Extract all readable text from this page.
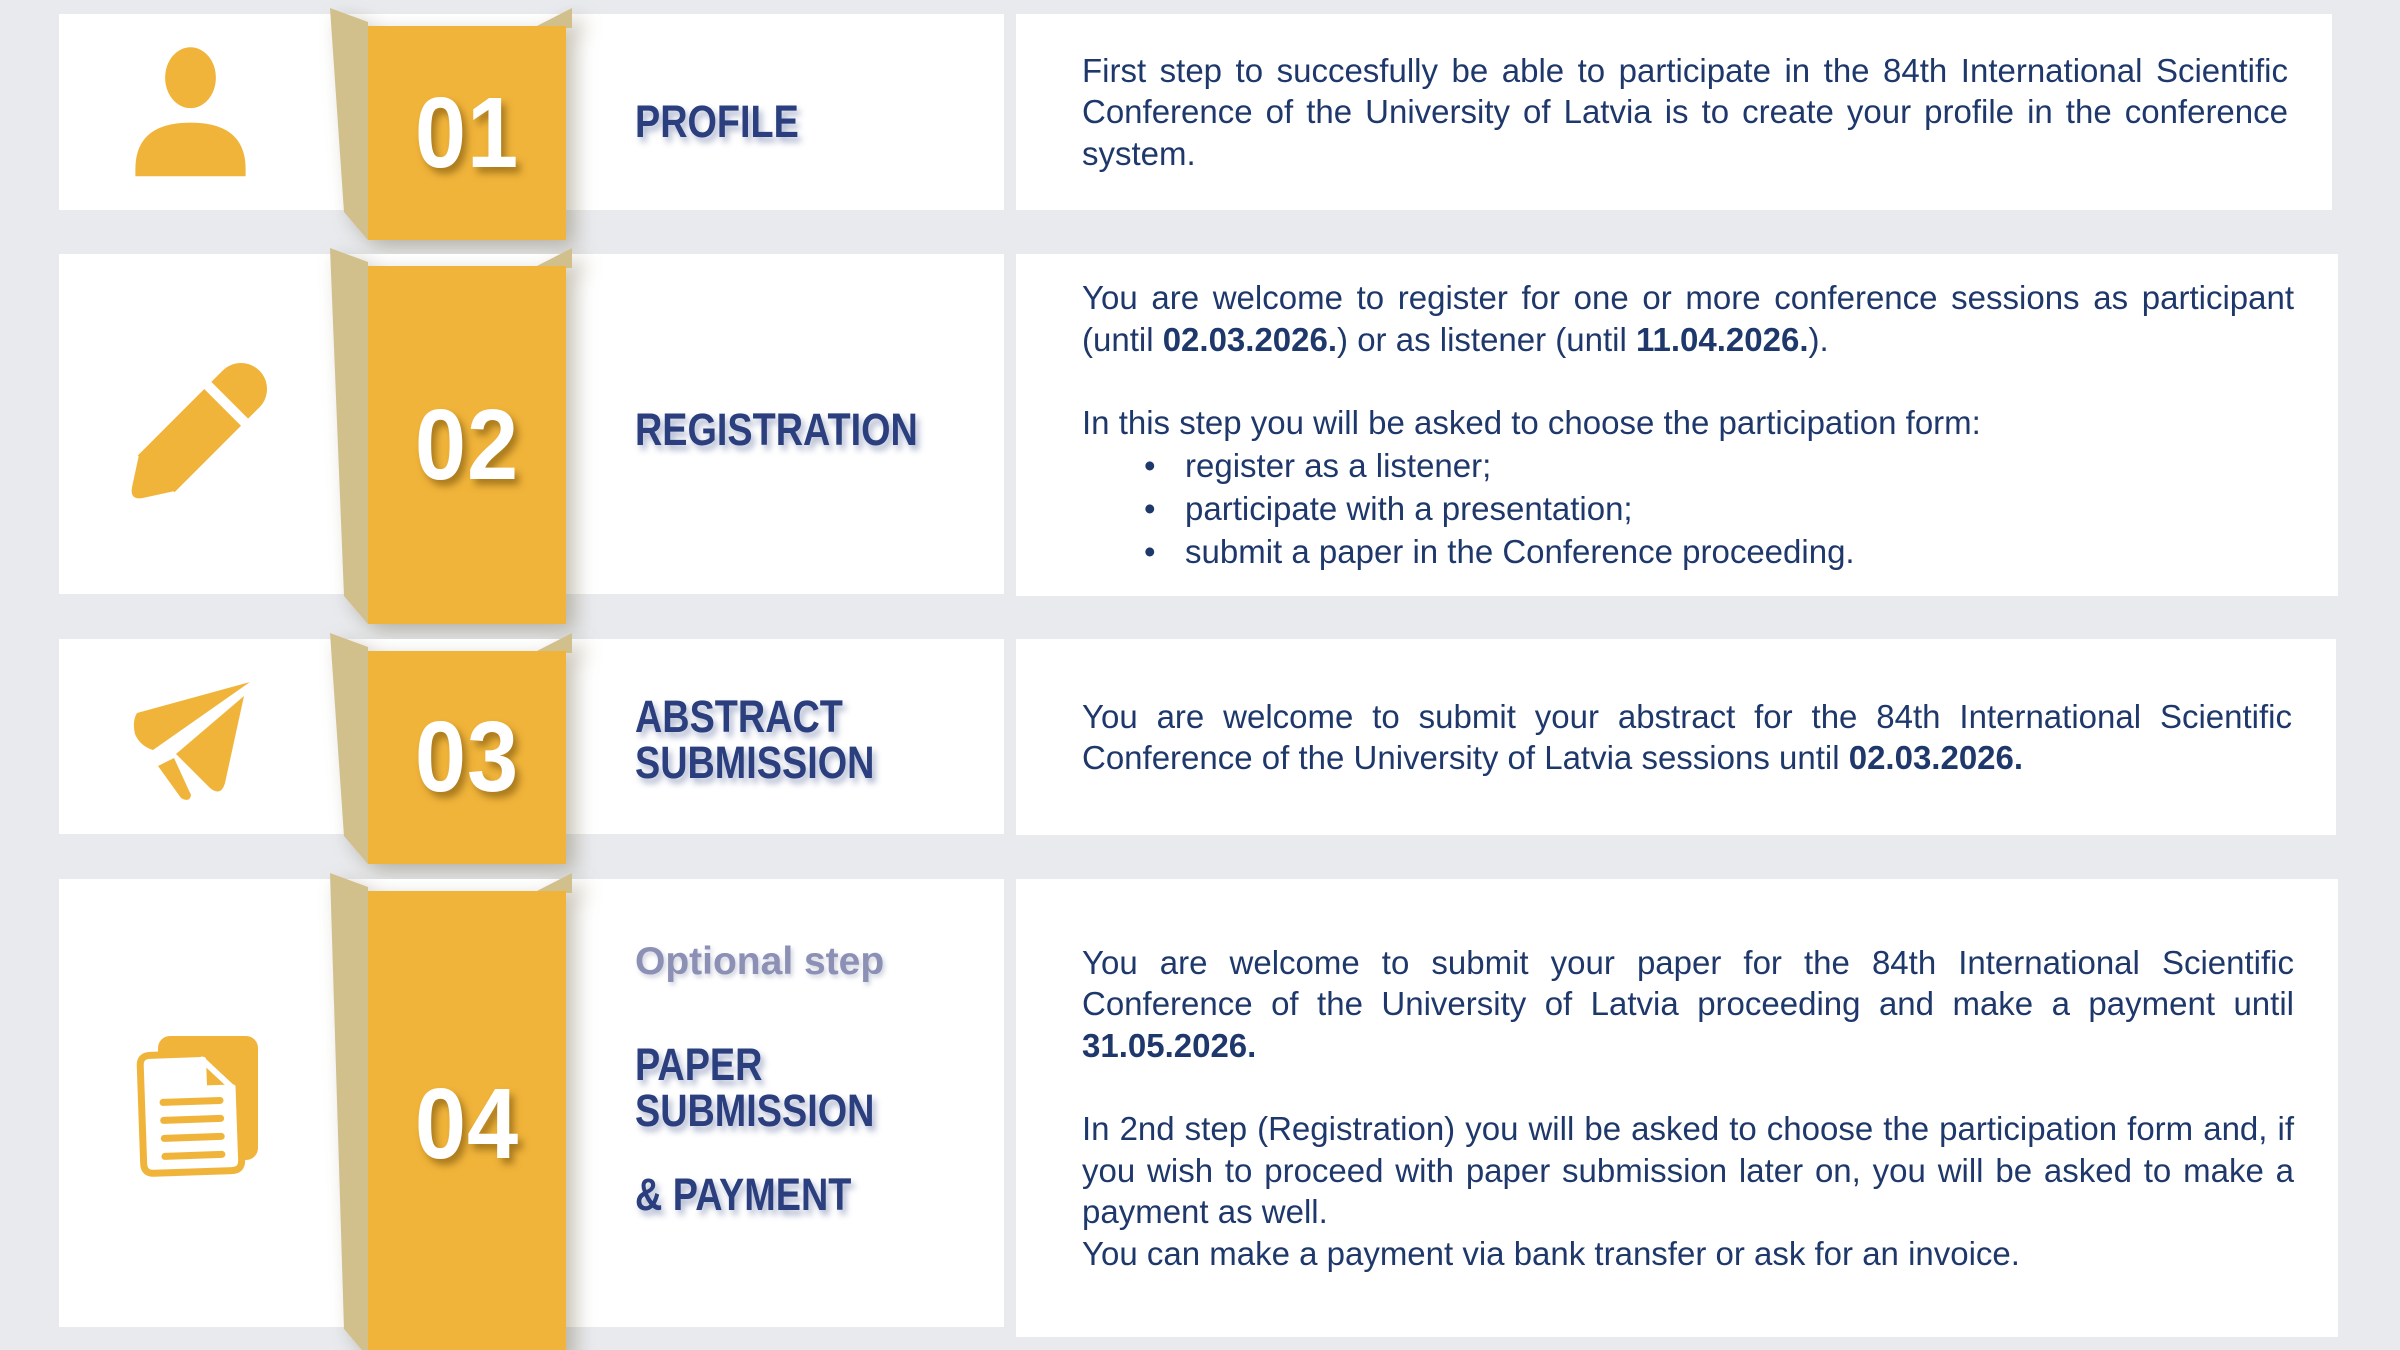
01	PROFILE

First step to succesfully be able to participate in the 84th International Scientific Conference of the University of Latvia is to create your profile in the conference system.

02	REGISTRATION

You are welcome to register for one or more conference sessions as participant (until 02.03.2026.) or as listener (until 11.04.2026.).

In this step you will be asked to choose the participation form:

• register as a listener;
• participate with a presentation;
• submit a paper in the Conference proceeding.
03	ABSTRACT
SUBMISSION

You are welcome to submit your abstract for the 84th International Scientific Conference of the University of Latvia sessions until 02.03.2026.

04
Optional step
PAPER
SUBMISSION
& PAYMENT

You are welcome to submit your paper for the 84th International Scientific Conference of the University of Latvia proceeding and make a payment until 31.05.2026.

In 2nd step (Registration) you will be asked to choose the participation form and, if you wish to proceed with paper submission later on, you will be asked to make a payment as well.

You can make a payment via bank transfer or ask for an invoice.
